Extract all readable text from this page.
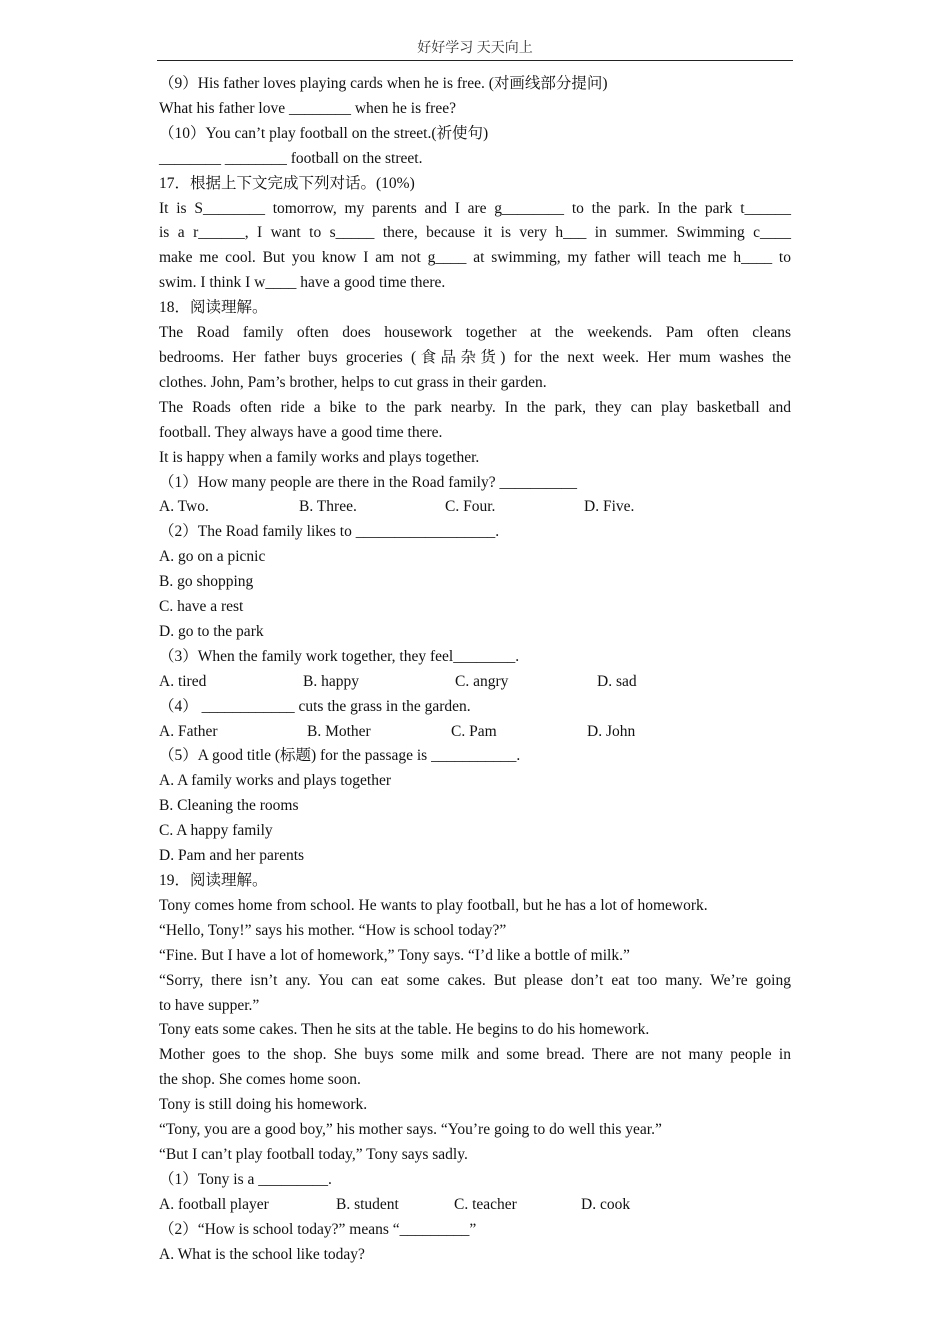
好好学习 天天向上
（9）His father loves playing cards when he is free. (对画线部分提问)
What his father love ________ when he is free?
（10）You can’t play football on the street.(祈使句)
________ ________ football on the street.
17．根据上下文完成下列对话。(10%)
It is S________ tomorrow, my parents and I are g________ to the park. In the park t______
is a r______, I want to s_____ there, because it is very h___ in summer. Swimming c____
make me cool. But you know I am not g____ at swimming, my father will teach me h____ to
swim. I think I w____ have a good time there.
18．阅读理解。
The Road family often does housework together at the weekends. Pam often cleans
bedrooms. Her father buys groceries (食品杂货) for the next week. Her mum washes the
clothes. John, Pam’s brother, helps to cut grass in their garden.
The Roads often ride a bike to the park nearby. In the park, they can play basketball and
football. They always have a good time there.
It is happy when a family works and plays together.
（1）How many people are there in the Road family? __________
A. Two.	B. Three.	C. Four.	D. Five.
（2）The Road family likes to __________________.
A. go on a picnic
B. go shopping
C. have a rest
D. go to the park
（3）When the family work together, they feel________.
A. tired	B. happy	C. angry	D. sad
（4） ____________ cuts the grass in the garden.
A. Father	B. Mother	C. Pam	D. John
（5）A good title (标题) for the passage is ___________.
A. A family works and plays together
B. Cleaning the rooms
C. A happy family
D. Pam and her parents
19．阅读理解。
Tony comes home from school. He wants to play football, but he has a lot of homework.
“Hello, Tony!” says his mother. “How is school today?”
“Fine. But I have a lot of homework,” Tony says. “I’d like a bottle of milk.”
“Sorry, there isn’t any. You can eat some cakes. But please don’t eat too many. We’re going
to have supper.”
Tony eats some cakes. Then he sits at the table. He begins to do his homework.
Mother goes to the shop. She buys some milk and some bread. There are not many people in
the shop. She comes home soon.
Tony is still doing his homework.
“Tony, you are a good boy,” his mother says. “You’re going to do well this year.”
“But I can’t play football today,” Tony says sadly.
（1）Tony is a _________.
A. football player	B. student	C. teacher	D. cook
（2）“How is school today?” means “_________”
A. What is the school like today?
